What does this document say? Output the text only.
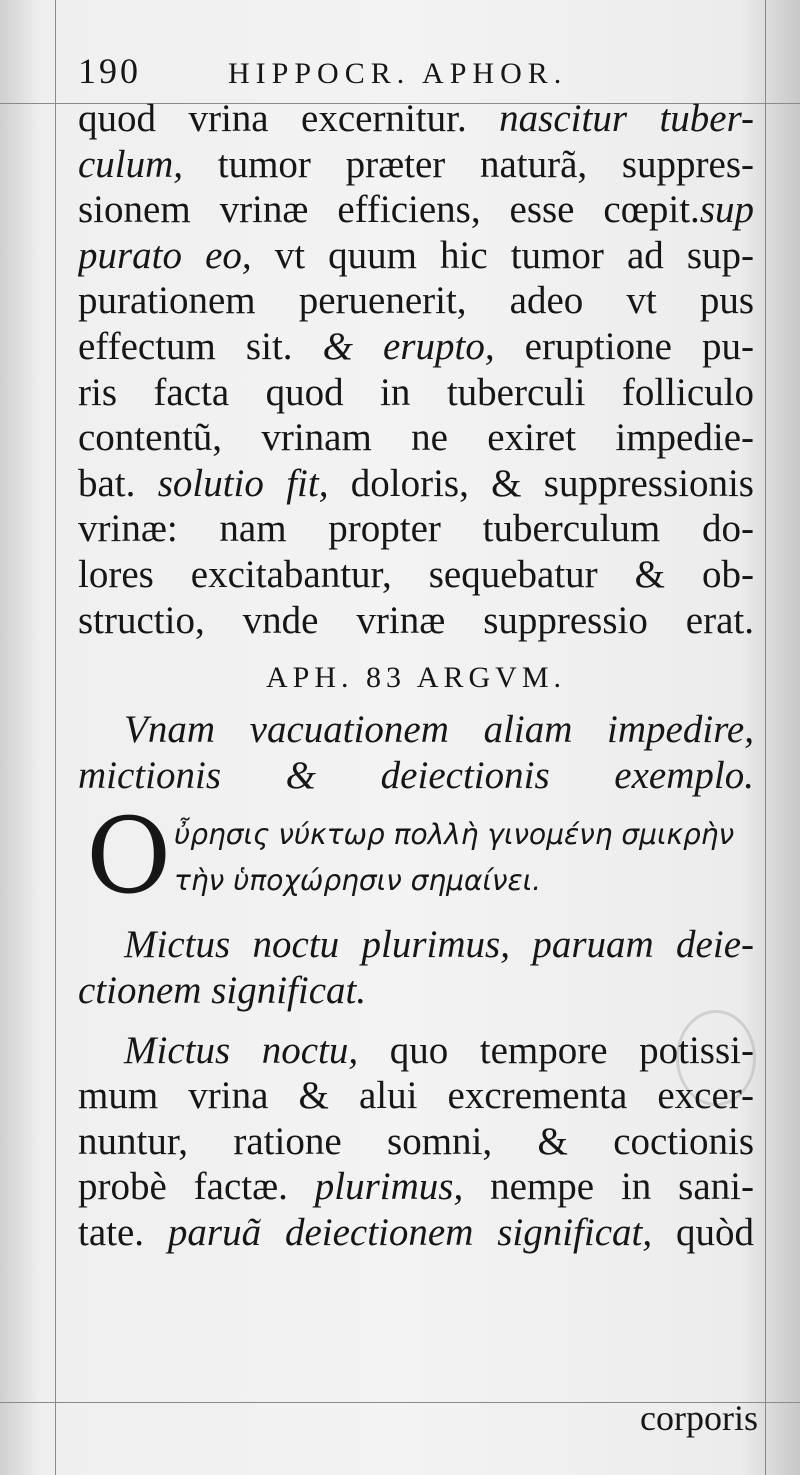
190	HIPPOCR. APHOR.
quod vrina excernitur. nascitur tuber-
culum, tumor præter naturã, suppres-
sionem vrinæ efficiens, esse cœpit.sup
purato eo, vt quum hic tumor ad sup-
purationem peruenerit, adeo vt pus
effectum sit. & erupto, eruptione pu-
ris facta quod in tuberculi folliculo
contentũ, vrinam ne exiret impedie-
bat. solutio fit, doloris, & suppressionis
vrinæ: nam propter tuberculum do-
lores excitabantur, sequebatur & ob-
structio, vnde vrinæ suppressio erat.
APH. 83 ARGVM.
Vnam vacuationem aliam impedire,
mictionis & deiectionis exemplo.
O ὖρησις νύκτωρ πολλὴ γινομένη σμικρὴν
τὴν ὑποχώρησιν σημαίνει.
Mictus noctu plurimus, paruam deie-
ctionem significat.
Mictus noctu, quo tempore potissi-
mum vrina & alui excrementa excer-
nuntur, ratione somni, & coctionis
probè factæ. plurimus, nempe in sani-
tate. paruã deiectionem significat, quòd
corporis
